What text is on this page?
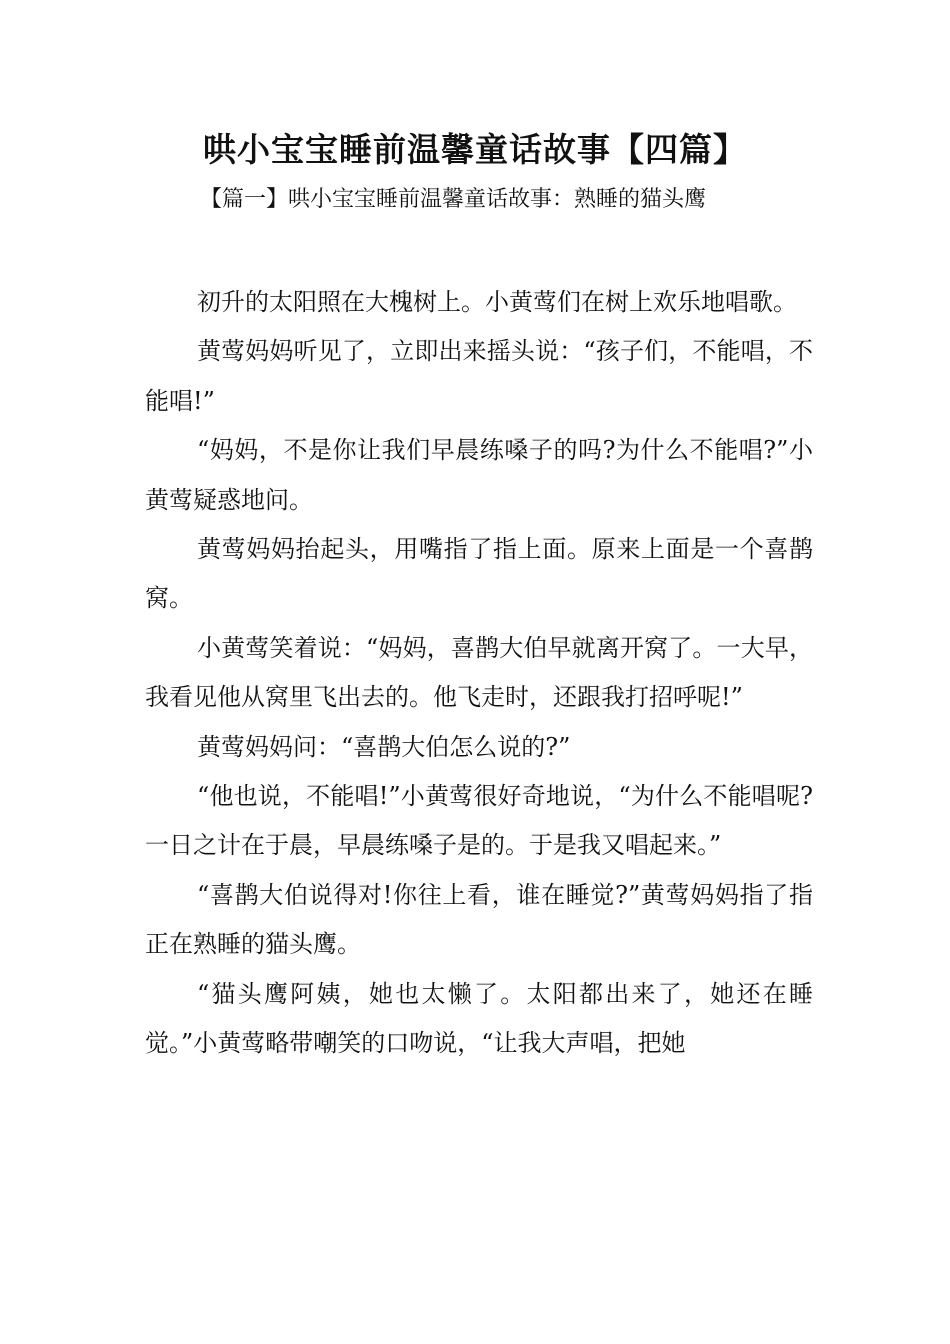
哄小宝宝睡前温馨童话故事【四篇】

【篇一】哄小宝宝睡前温馨童话故事：熟睡的猫头鹰

初升的太阳照在大槐树上。小黄莺们在树上欢乐地唱歌。

黄莺妈妈听见了，立即出来摇头说：“孩子们，不能唱，不能唱!”

“妈妈，不是你让我们早晨练嗓子的吗?为什么不能唱?”小黄莺疑惑地问。

黄莺妈妈抬起头，用嘴指了指上面。原来上面是一个喜鹊窝。

小黄莺笑着说：“妈妈，喜鹊大伯早就离开窝了。一大早，我看见他从窝里飞出去的。他飞走时，还跟我打招呼呢!”

黄莺妈妈问：“喜鹊大伯怎么说的?”

“他也说，不能唱!”小黄莺很好奇地说，“为什么不能唱呢?一日之计在于晨，早晨练嗓子是的。于是我又唱起来。”

“喜鹊大伯说得对!你往上看，谁在睡觉?”黄莺妈妈指了指正在熟睡的猫头鹰。

“猫头鹰阿姨，她也太懒了。太阳都出来了，她还在睡觉。”小黄莺略带嘲笑的口吻说，“让我大声唱，把她
